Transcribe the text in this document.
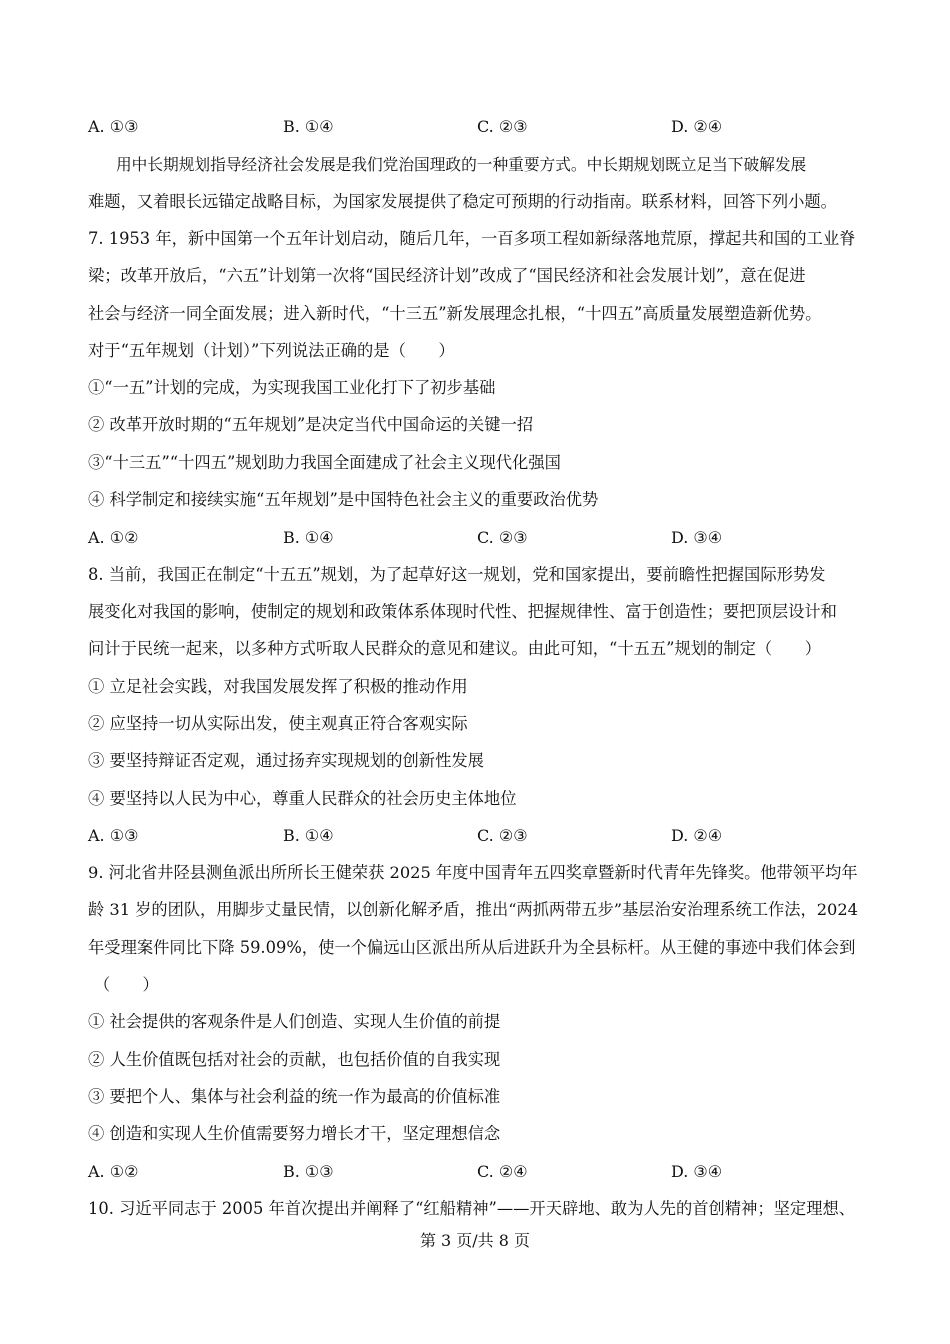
A. ①③	B. ①④	C. ②③	D. ②④
用中长期规划指导经济社会发展是我们党治国理政的一种重要方式。中长期规划既立足当下破解发展
难题，又着眼长远锚定战略目标，为国家发展提供了稳定可预期的行动指南。联系材料，回答下列小题。
7. 1953 年，新中国第一个五年计划启动，随后几年，一百多项工程如新绿落地荒原，撑起共和国的工业脊
梁；改革开放后，“六五”计划第一次将“国民经济计划”改成了“国民经济和社会发展计划”，意在促进
社会与经济一同全面发展；进入新时代，“十三五”新发展理念扎根，“十四五”高质量发展塑造新优势。
对于“五年规划（计划）”下列说法正确的是（　　）
①“一五”计划的完成，为实现我国工业化打下了初步基础
② 改革开放时期的“五年规划”是决定当代中国命运的关键一招
③“十三五”“十四五”规划助力我国全面建成了社会主义现代化强国
④ 科学制定和接续实施“五年规划”是中国特色社会主义的重要政治优势
A. ①②	B. ①④	C. ②③	D. ③④
8. 当前，我国正在制定“十五五”规划，为了起草好这一规划，党和国家提出，要前瞻性把握国际形势发
展变化对我国的影响，使制定的规划和政策体系体现时代性、把握规律性、富于创造性；要把顶层设计和
问计于民统一起来，以多种方式听取人民群众的意见和建议。由此可知，“十五五”规划的制定（　　）
① 立足社会实践，对我国发展发挥了积极的推动作用
② 应坚持一切从实际出发，使主观真正符合客观实际
③ 要坚持辩证否定观，通过扬弃实现规划的创新性发展
④ 要坚持以人民为中心，尊重人民群众的社会历史主体地位
A. ①③	B. ①④	C. ②③	D. ②④
9. 河北省井陉县测鱼派出所所长王健荣获 2025 年度中国青年五四奖章暨新时代青年先锋奖。他带领平均年
龄 31 岁的团队，用脚步丈量民情，以创新化解矛盾，推出“两抓两带五步”基层治安治理系统工作法，2024
年受理案件同比下降 59.09%，使一个偏远山区派出所从后进跃升为全县标杆。从王健的事迹中我们体会到
（　　）
① 社会提供的客观条件是人们创造、实现人生价值的前提
② 人生价值既包括对社会的贡献，也包括价值的自我实现
③ 要把个人、集体与社会利益的统一作为最高的价值标准
④ 创造和实现人生价值需要努力增长才干，坚定理想信念
A. ①②	B. ①③	C. ②④	D. ③④
10. 习近平同志于 2005 年首次提出并阐释了“红船精神”——开天辟地、敢为人先的首创精神；坚定理想、
第 3 页/共 8 页
